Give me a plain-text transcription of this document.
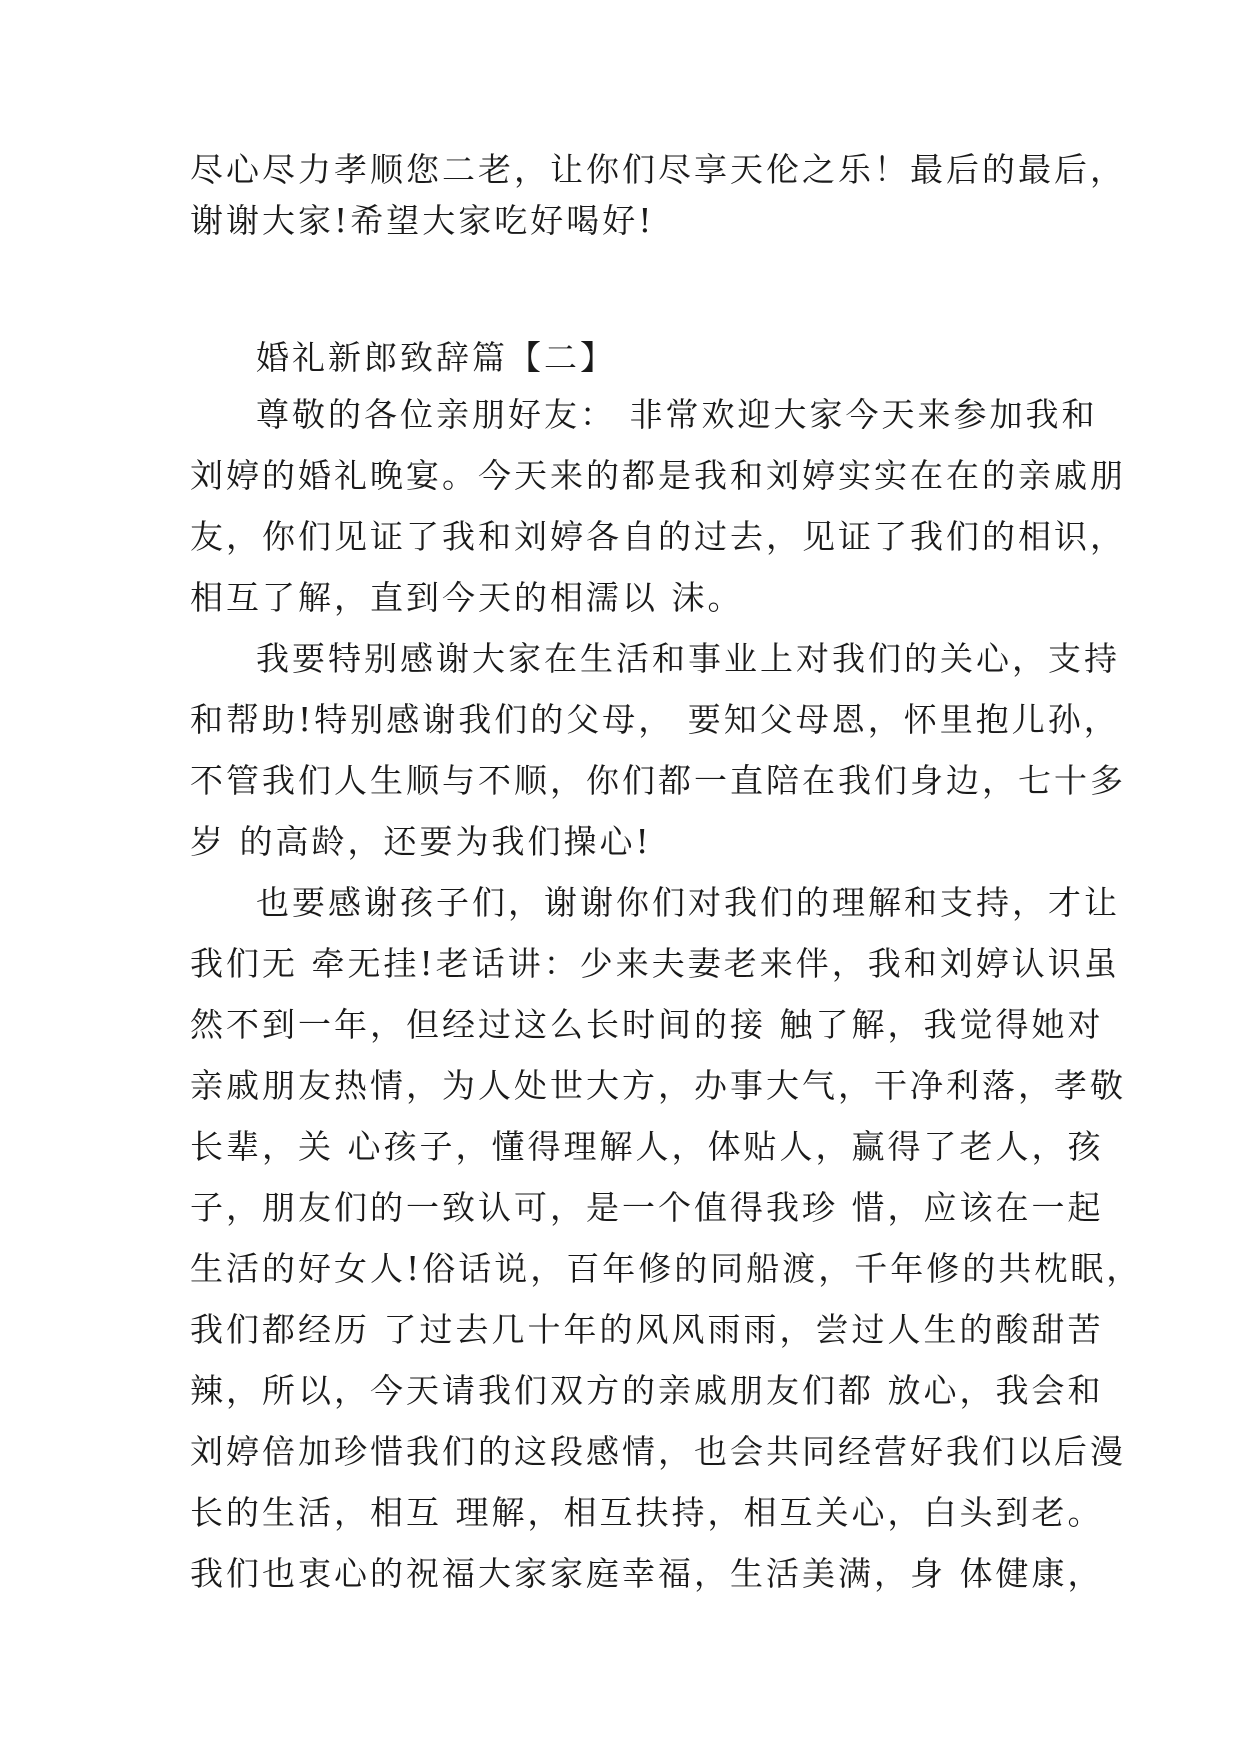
尽心尽力孝顺您二老，让你们尽享天伦之乐！最后的最后，
谢谢大家!希望大家吃好喝好!
婚礼新郎致辞篇【二】
尊敬的各位亲朋好友： 非常欢迎大家今天来参加我和
刘婷的婚礼晚宴。今天来的都是我和刘婷实实在在的亲戚朋
友，你们见证了我和刘婷各自的过去，见证了我们的相识，
相互了解，直到今天的相濡以 沫。
我要特别感谢大家在生活和事业上对我们的关心，支持
和帮助!特别感谢我们的父母， 要知父母恩，怀里抱儿孙，
不管我们人生顺与不顺，你们都一直陪在我们身边，七十多
岁 的高龄，还要为我们操心!
也要感谢孩子们，谢谢你们对我们的理解和支持，才让
我们无 牵无挂!老话讲：少来夫妻老来伴，我和刘婷认识虽
然不到一年，但经过这么长时间的接 触了解，我觉得她对
亲戚朋友热情，为人处世大方，办事大气，干净利落，孝敬
长辈，关 心孩子，懂得理解人，体贴人，赢得了老人，孩
子，朋友们的一致认可，是一个值得我珍 惜，应该在一起
生活的好女人!俗话说，百年修的同船渡，千年修的共枕眠，
我们都经历 了过去几十年的风风雨雨，尝过人生的酸甜苦
辣，所以，今天请我们双方的亲戚朋友们都 放心，我会和
刘婷倍加珍惜我们的这段感情，也会共同经营好我们以后漫
长的生活，相互 理解，相互扶持，相互关心，白头到老。
我们也衷心的祝福大家家庭幸福，生活美满，身 体健康，
